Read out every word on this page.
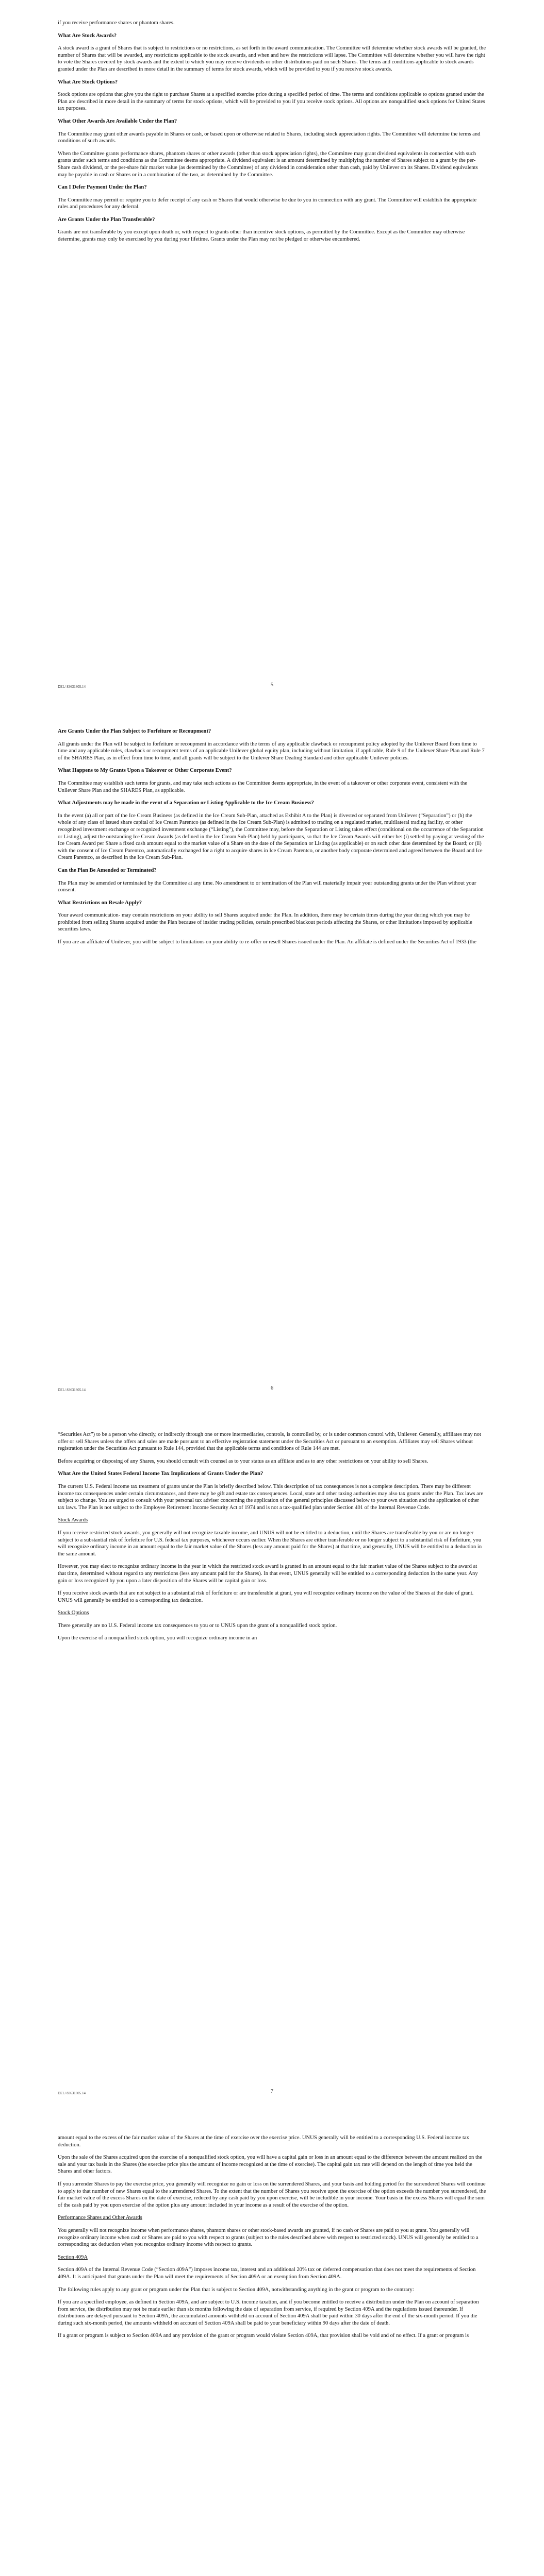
if you receive performance shares or phantom shares.

What Are Stock Awards?

A stock award is a grant of Shares that is subject to restrictions or no restrictions, as set forth in the award communication. The Committee will determine whether stock awards will be granted, the number of Shares that will be awarded, any restrictions applicable to the stock awards, and when and how the restrictions will lapse. The Committee will determine whether you will have the right to vote the Shares covered by stock awards and the extent to which you may receive dividends or other distributions paid on such Shares. The terms and conditions applicable to stock awards granted under the Plan are described in more detail in the summary of terms for stock awards, which will be provided to you if you receive stock awards.

What Are Stock Options?

Stock options are options that give you the right to purchase Shares at a specified exercise price during a specified period of time. The terms and conditions applicable to options granted under the Plan are described in more detail in the summary of terms for stock options, which will be provided to you if you receive stock options. All options are nonqualified stock options for United States tax purposes.

What Other Awards Are Available Under the Plan?

The Committee may grant other awards payable in Shares or cash, or based upon or otherwise related to Shares, including stock appreciation rights. The Committee will determine the terms and conditions of such awards.

When the Committee grants performance shares, phantom shares or other awards (other than stock appreciation rights), the Committee may grant dividend equivalents in connection with such grants under such terms and conditions as the Committee deems appropriate. A dividend equivalent is an amount determined by multiplying the number of Shares subject to a grant by the per-Share cash dividend, or the per-share fair market value (as determined by the Committee) of any dividend in consideration other than cash, paid by Unilever on its Shares. Dividend equivalents may be payable in cash or Shares or in a combination of the two, as determined by the Committee.

Can I Defer Payment Under the Plan?

The Committee may permit or require you to defer receipt of any cash or Shares that would otherwise be due to you in connection with any grant. The Committee will establish the appropriate rules and procedures for any deferral.

Are Grants Under the Plan Transferable?

Grants are not transferable by you except upon death or, with respect to grants other than incentive stock options, as permitted by the Committee. Except as the Committee may otherwise determine, grants may only be exercised by you during your lifetime. Grants under the Plan may not be pledged or otherwise encumbered.

DEL/ 83631805.14	5
Are Grants Under the Plan Subject to Forfeiture or Recoupment?

All grants under the Plan will be subject to forfeiture or recoupment in accordance with the terms of any applicable clawback or recoupment policy adopted by the Unilever Board from time to time and any applicable rules, clawback or recoupment terms of an applicable Unilever global equity plan, including without limitation, if applicable, Rule 9 of the Unilever Share Plan and Rule 7 of the SHARES Plan, as in effect from time to time, and all grants will be subject to the Unilever Share Dealing Standard and other applicable Unilever policies.

What Happens to My Grants Upon a Takeover or Other Corporate Event?

The Committee may establish such terms for grants, and may take such actions as the Committee deems appropriate, in the event of a takeover or other corporate event, consistent with the Unilever Share Plan and the SHARES Plan, as applicable.

What Adjustments may be made in the event of a Separation or Listing Applicable to the Ice Cream Business?

In the event (a) all or part of the Ice Cream Business (as defined in the Ice Cream Sub-Plan, attached as Exhibit A to the Plan) is divested or separated from Unilever (“Separation”) or (b) the whole of any class of issued share capital of Ice Cream Parentco (as defined in the Ice Cream Sub-Plan) is admitted to trading on a regulated market, multilateral trading facility, or other recognized investment exchange or recognized investment exchange (“Listing”), the Committee may, before the Separation or Listing takes effect (conditional on the occurrence of the Separation or Listing), adjust the outstanding Ice Cream Awards (as defined in the Ice Cream Sub-Plan) held by participants, so that the Ice Cream Awards will either be: (i) settled by paying at vesting of the Ice Cream Award per Share a fixed cash amount equal to the market value of a Share on the date of the Separation or Listing (as applicable) or on such other date determined by the Board; or (ii) with the consent of Ice Cream Parentco, automatically exchanged for a right to acquire shares in Ice Cream Parentco, or another body corporate determined and agreed between the Board and Ice Cream Parentco, as described in the Ice Cream Sub-Plan.

Can the Plan Be Amended or Terminated?

The Plan may be amended or terminated by the Committee at any time. No amendment to or termination of the Plan will materially impair your outstanding grants under the Plan without your consent.

What Restrictions on Resale Apply?

Your award communication- may contain restrictions on your ability to sell Shares acquired under the Plan. In addition, there may be certain times during the year during which you may be prohibited from selling Shares acquired under the Plan because of insider trading policies, certain prescribed blackout periods affecting the Shares, or other limitations imposed by applicable securities laws.

If you are an affiliate of Unilever, you will be subject to limitations on your ability to re-offer or resell Shares issued under the Plan. An affiliate is defined under the Securities Act of 1933 (the

DEL/ 83631805.14	6

“Securities Act”) to be a person who directly, or indirectly through one or more intermediaries, controls, is controlled by, or is under common control with, Unilever. Generally, affiliates may not offer or sell Shares unless the offers and sales are made pursuant to an effective registration statement under the Securities Act or pursuant to an exemption. Affiliates may sell Shares without registration under the Securities Act pursuant to Rule 144, provided that the applicable terms and conditions of Rule 144 are met.

Before acquiring or disposing of any Shares, you should consult with counsel as to your status as an affiliate and as to any other restrictions on your ability to sell Shares.

What Are the United States Federal Income Tax Implications of Grants Under the Plan?

The current U.S. Federal income tax treatment of grants under the Plan is briefly described below. This description of tax consequences is not a complete description. There may be different income tax consequences under certain circumstances, and there may be gift and estate tax consequences. Local, state and other taxing authorities may also tax grants under the Plan. Tax laws are subject to change. You are urged to consult with your personal tax adviser concerning the application of the general principles discussed below to your own situation and the application of other tax laws. The Plan is not subject to the Employee Retirement Income Security Act of 1974 and is not a tax-qualified plan under Section 401 of the Internal Revenue Code.

Stock Awards

If you receive restricted stock awards, you generally will not recognize taxable income, and UNUS will not be entitled to a deduction, until the Shares are transferable by you or are no longer subject to a substantial risk of forfeiture for U.S. federal tax purposes, whichever occurs earlier. When the Shares are either transferable or no longer subject to a substantial risk of forfeiture, you will recognize ordinary income in an amount equal to the fair market value of the Shares (less any amount paid for the Shares) at that time, and generally, UNUS will be entitled to a deduction in the same amount.

However, you may elect to recognize ordinary income in the year in which the restricted stock award is granted in an amount equal to the fair market value of the Shares subject to the award at that time, determined without regard to any restrictions (less any amount paid for the Shares). In that event, UNUS generally will be entitled to a corresponding deduction in the same year. Any gain or loss recognized by you upon a later disposition of the Shares will be capital gain or loss.

If you receive stock awards that are not subject to a substantial risk of forfeiture or are transferable at grant, you will recognize ordinary income on the value of the Shares at the date of grant. UNUS will generally be entitled to a corresponding tax deduction.

Stock Options

There generally are no U.S. Federal income tax consequences to you or to UNUS upon the grant of a nonqualified stock option.

Upon the exercise of a nonqualified stock option, you will recognize ordinary income in an

DEL/ 83631805.14	7

amount equal to the excess of the fair market value of the Shares at the time of exercise over the exercise price. UNUS generally will be entitled to a corresponding U.S. Federal income tax deduction.

Upon the sale of the Shares acquired upon the exercise of a nonqualified stock option, you will have a capital gain or loss in an amount equal to the difference between the amount realized on the sale and your tax basis in the Shares (the exercise price plus the amount of income recognized at the time of exercise). The capital gain tax rate will depend on the length of time you held the Shares and other factors.

If you surrender Shares to pay the exercise price, you generally will recognize no gain or loss on the surrendered Shares, and your basis and holding period for the surrendered Shares will continue to apply to that number of new Shares equal to the surrendered Shares. To the extent that the number of Shares you receive upon the exercise of the option exceeds the number you surrendered, the fair market value of the excess Shares on the date of exercise, reduced by any cash paid by you upon exercise, will be includible in your income. Your basis in the excess Shares will equal the sum of the cash paid by you upon exercise of the option plus any amount included in your income as a result of the exercise of the option.

Performance Shares and Other Awards

You generally will not recognize income when performance shares, phantom shares or other stock-based awards are granted, if no cash or Shares are paid to you at grant. You generally will recognize ordinary income when cash or Shares are paid to you with respect to grants (subject to the rules described above with respect to restricted stock). UNUS will generally be entitled to a corresponding tax deduction when you recognize ordinary income with respect to grants.

Section 409A

Section 409A of the Internal Revenue Code (“Section 409A”) imposes income tax, interest and an additional 20% tax on deferred compensation that does not meet the requirements of Section 409A. It is anticipated that grants under the Plan will meet the requirements of Section 409A or an exemption from Section 409A.

The following rules apply to any grant or program under the Plan that is subject to Section 409A, notwithstanding anything in the grant or program to the contrary:

If you are a specified employee, as defined in Section 409A, and are subject to U.S. income taxation, and if you become entitled to receive a distribution under the Plan on account of separation from service, the distribution may not be made earlier than six months following the date of separation from service, if required by Section 409A and the regulations issued thereunder. If distributions are delayed pursuant to Section 409A, the accumulated amounts withheld on account of Section 409A shall be paid within 30 days after the end of the six-month period. If you die during such six-month period, the amounts withheld on account of Section 409A shall be paid to your beneficiary within 90 days after the date of death.

If a grant or program is subject to Section 409A and any provision of the grant or program would violate Section 409A, that provision shall be void and of no effect. If a grant or program is
